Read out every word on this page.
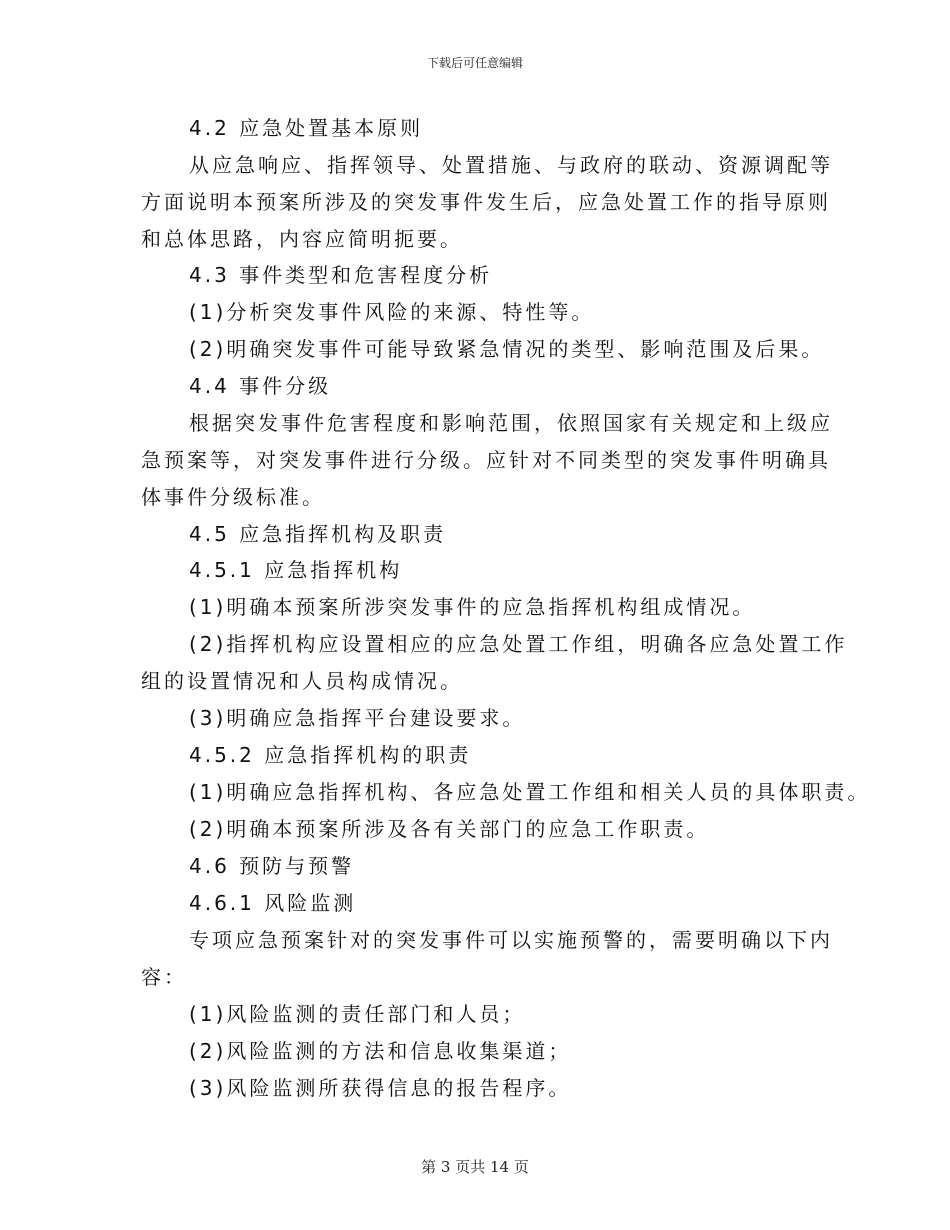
下载后可任意编辑
4.2 应急处置基本原则
从应急响应、指挥领导、处置措施、与政府的联动、资源调配等
方面说明本预案所涉及的突发事件发生后，应急处置工作的指导原则
和总体思路，内容应简明扼要。
4.3 事件类型和危害程度分析
(1)分析突发事件风险的来源、特性等。
(2)明确突发事件可能导致紧急情况的类型、影响范围及后果。
4.4 事件分级
根据突发事件危害程度和影响范围，依照国家有关规定和上级应
急预案等，对突发事件进行分级。应针对不同类型的突发事件明确具
体事件分级标准。
4.5 应急指挥机构及职责
4.5.1 应急指挥机构
(1)明确本预案所涉突发事件的应急指挥机构组成情况。
(2)指挥机构应设置相应的应急处置工作组，明确各应急处置工作
组的设置情况和人员构成情况。
(3)明确应急指挥平台建设要求。
4.5.2 应急指挥机构的职责
(1)明确应急指挥机构、各应急处置工作组和相关人员的具体职责。
(2)明确本预案所涉及各有关部门的应急工作职责。
4.6 预防与预警
4.6.1 风险监测
专项应急预案针对的突发事件可以实施预警的，需要明确以下内
容：
(1)风险监测的责任部门和人员；
(2)风险监测的方法和信息收集渠道；
(3)风险监测所获得信息的报告程序。
第 3 页共 14 页
